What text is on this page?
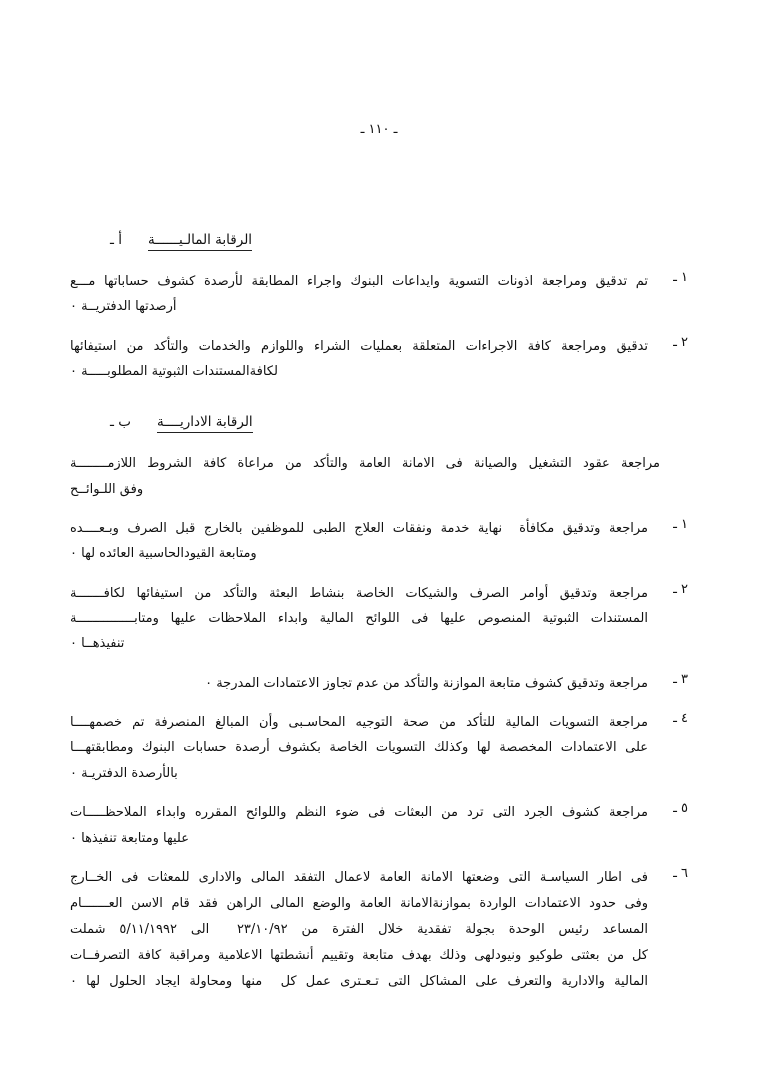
ـ ١١٠ ـ
الرقابة المالـيــــــة
أ ـ
١ ـ
تم تدقيق ومراجعة اذونات التسوية وايداعات البنوك واجراء المطابقة لأرصدة كشوف حساباتها مـــع
أرصدتها الدفتريــة ٠
٢ ـ
تدقيق ومراجعة كافة الاجراءات المتعلقة بعمليات الشراء واللوازم والخدمات والتأكد من استيفائها
لكافةالمستندات الثبوتية المطلوبـــــة ٠
الرقابة الاداريــــة
ب ـ
مراجعة عقود التشغيل والصيانة فى الامانة العامة والتأكد من مراعاة كافة الشروط اللازمــــــــة
وفق اللـوائــح
١ ـ
مراجعة وتدقيق مكافأة  نهاية خدمة ونفقات العلاج الطبى للموظفين بالخارج قبل الصرف وبـعــــده
ومتابعة القيودالحاسبية العائده لها ٠
٢ ـ
مراجعة وتدقيق أوامر الصرف والشيكات الخاصة بنشاط البعثة والتأكد من استيفائها لكافـــــــة
المستندات الثبوتية المنصوص عليها فى اللوائح المالية وابداء الملاحظات عليها ومتابـــــــــــــــة
تنفيذهــا ٠
٣ ـ
مراجعة وتدقيق كشوف متابعة الموازنة والتأكد من عدم تجاوز الاعتمادات المدرجة ٠
٤ ـ
مراجعة التسويات المالية للتأكد من صحة التوجيه المحاسـبى وأن المبالغ المنصرفة تم خصمهــــا
على الاعتمادات المخصصة لها وكذلك التسويات الخاصة بكشوف أرصدة حسابات البنوك ومطابقتهـــا
بالأرصدة الدفتريـة ٠
٥ ـ
مراجعة كشوف الجرد التى ترد من البعثات فى ضوء النظم واللوائح المقرره وابداء الملاحظـــــات
عليها ومتابعة تنفيذها ٠
٦ ـ
فى اطار السياسـة التى وضعتها الامانة العامة لاعمال التفقد المالى والادارى للمعثات فى الخــارج
وفى حدود الاعتمادات الواردة بموازنةالامانة العامة والوضع المالى الراهن فقد قام الاسن العـــــــام
المساعد رئيس الوحدة بجولة تفقدية خلال الفترة من ٢٣/١٠/٩٢  الى ٥/١١/١٩٩٢ شملت
كل من بعثتى طوكيو ونيودلهى وذلك بهدف متابعة وتقييم أنشطتها الاعلامية ومراقبة كافة التصرفــات
المالية والادارية والتعرف على المشاكل التى تـعـترى عمل كل  منها ومحاولة ايجاد الحلول لها ٠
